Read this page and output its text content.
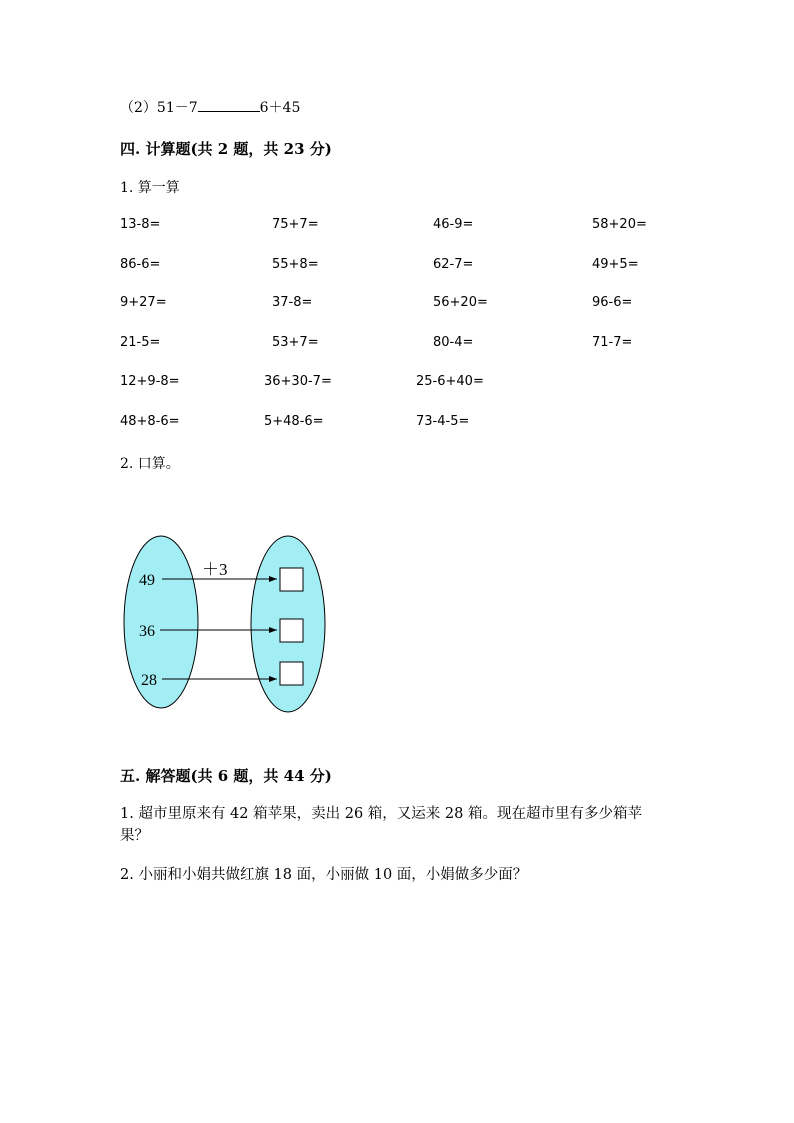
（2）51－7	6＋45
四. 计算题(共 2 题，共 23 分)
1. 算一算
13-8=	75+7=	46-9=	58+20=
86-6=	55+8=	62-7=	49+5=
9+27=	37-8=	56+20=	96-6=
21-5=	53+7=	80-4=	71-7=
12+9-8=	36+30-7=	25-6+40=
48+8-6=	5+48-6=	73-4-5=
2. 口算。
＋3
49
36
28
五. 解答题(共 6 题，共 44 分)
1. 超市里原来有 42 箱苹果，卖出 26 箱，又运来 28 箱。现在超市里有多少箱苹
果？
2. 小丽和小娟共做红旗 18 面，小丽做 10 面，小娟做多少面？
